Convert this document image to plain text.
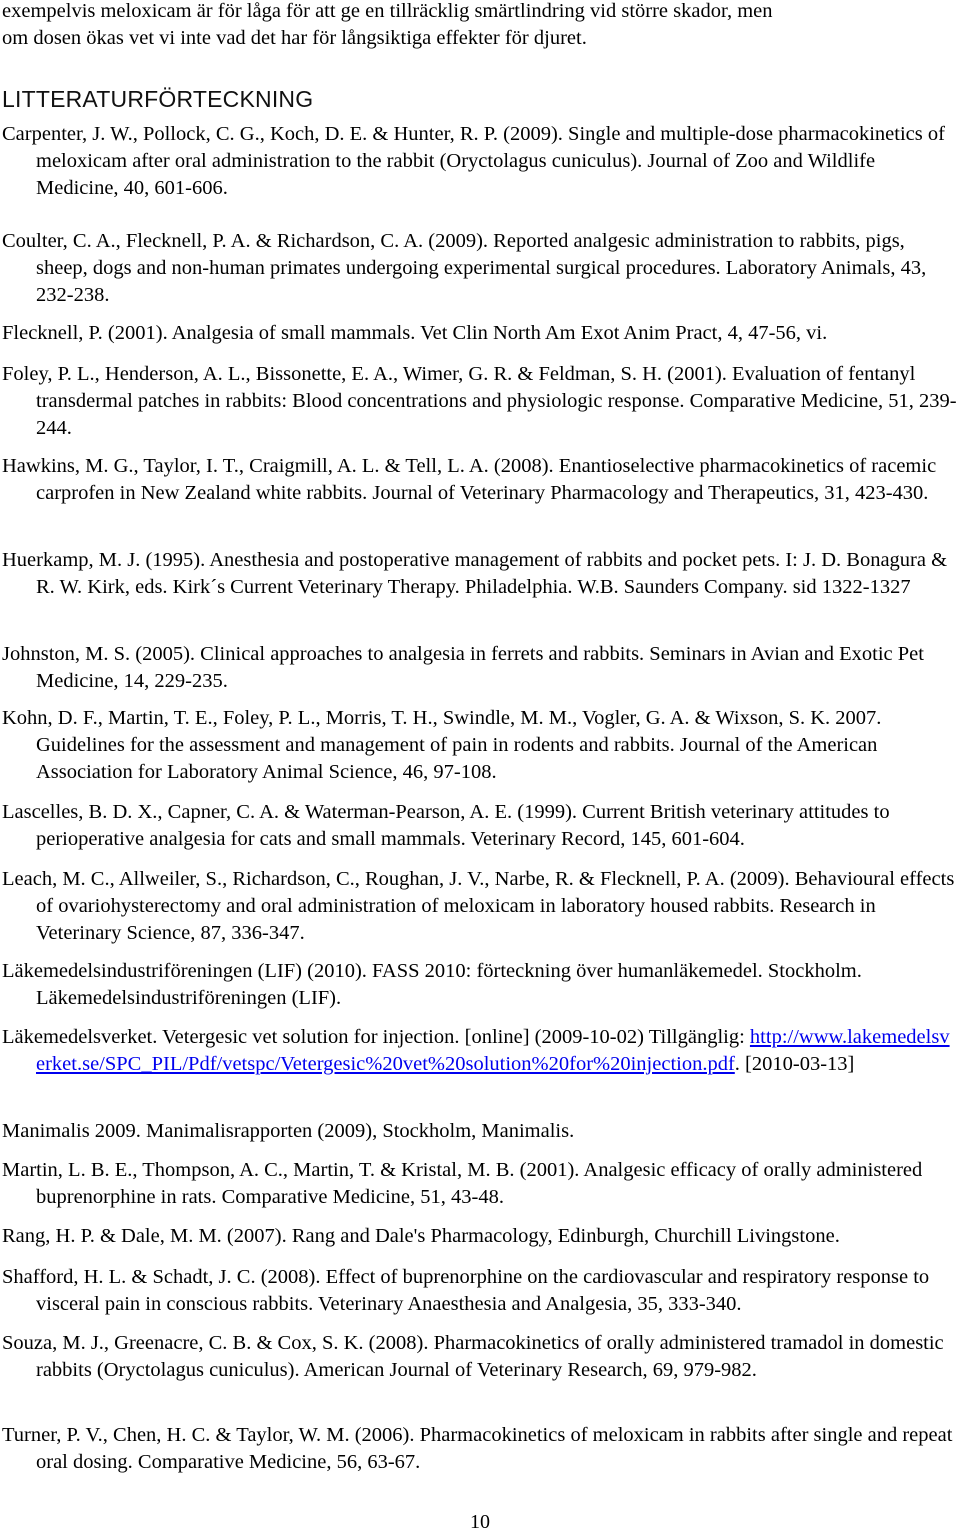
exempelvis meloxicam är för låga för att ge en tillräcklig smärtlindring vid större skador, men

om dosen ökas vet vi inte vad det har för långsiktiga effekter för djuret.

LITTERATURFÖRTECKNING

Carpenter, J. W., Pollock, C. G., Koch, D. E. & Hunter, R. P. (2009). Single and multiple-dose pharmacokinetics of meloxicam after oral administration to the rabbit (Oryctolagus cuniculus). Journal of Zoo and Wildlife Medicine, 40, 601-606.

Coulter, C. A., Flecknell, P. A. & Richardson, C. A. (2009). Reported analgesic administration to rabbits, pigs, sheep, dogs and non-human primates undergoing experimental surgical procedures. Laboratory Animals, 43, 232-238.

Flecknell, P. (2001). Analgesia of small mammals. Vet Clin North Am Exot Anim Pract, 4, 47-56, vi.

Foley, P. L., Henderson, A. L., Bissonette, E. A., Wimer, G. R. & Feldman, S. H. (2001). Evaluation of fentanyl transdermal patches in rabbits: Blood concentrations and physiologic response. Comparative Medicine, 51, 239-244.

Hawkins, M. G., Taylor, I. T., Craigmill, A. L. & Tell, L. A. (2008). Enantioselective pharmacokinetics of racemic carprofen in New Zealand white rabbits. Journal of Veterinary Pharmacology and Therapeutics, 31, 423-430.

Huerkamp, M. J. (1995). Anesthesia and postoperative management of rabbits and pocket pets. I: J. D. Bonagura & R. W. Kirk, eds. Kirk´s Current Veterinary Therapy. Philadelphia. W.B. Saunders Company. sid 1322-1327

Johnston, M. S. (2005). Clinical approaches to analgesia in ferrets and rabbits. Seminars in Avian and Exotic Pet Medicine, 14, 229-235.

Kohn, D. F., Martin, T. E., Foley, P. L., Morris, T. H., Swindle, M. M., Vogler, G. A. & Wixson, S. K. 2007. Guidelines for the assessment and management of pain in rodents and rabbits. Journal of the American Association for Laboratory Animal Science, 46, 97-108.

Lascelles, B. D. X., Capner, C. A. & Waterman-Pearson, A. E. (1999). Current British veterinary attitudes to perioperative analgesia for cats and small mammals. Veterinary Record, 145, 601-604.

Leach, M. C., Allweiler, S., Richardson, C., Roughan, J. V., Narbe, R. & Flecknell, P. A. (2009). Behavioural effects of ovariohysterectomy and oral administration of meloxicam in laboratory housed rabbits. Research in Veterinary Science, 87, 336-347.

Läkemedelsindustriföreningen (LIF) (2010). FASS 2010: förteckning över humanläkemedel. Stockholm. Läkemedelsindustriföreningen (LIF).

Läkemedelsverket. Vetergesic vet solution for injection. [online] (2009-10-02) Tillgänglig: http://www.lakemedelsverket.se/SPC_PIL/Pdf/vetspc/Vetergesic%20vet%20solution%20for%20injection.pdf. [2010-03-13]

Manimalis 2009. Manimalisrapporten (2009), Stockholm, Manimalis.

Martin, L. B. E., Thompson, A. C., Martin, T. & Kristal, M. B. (2001). Analgesic efficacy of orally administered buprenorphine in rats. Comparative Medicine, 51, 43-48.

Rang, H. P. & Dale, M. M. (2007). Rang and Dale's Pharmacology, Edinburgh, Churchill Livingstone.

Shafford, H. L. & Schadt, J. C. (2008). Effect of buprenorphine on the cardiovascular and respiratory response to visceral pain in conscious rabbits. Veterinary Anaesthesia and Analgesia, 35, 333-340.

Souza, M. J., Greenacre, C. B. & Cox, S. K. (2008). Pharmacokinetics of orally administered tramadol in domestic rabbits (Oryctolagus cuniculus). American Journal of Veterinary Research, 69, 979-982.

Turner, P. V., Chen, H. C. & Taylor, W. M. (2006). Pharmacokinetics of meloxicam in rabbits after single and repeat oral dosing. Comparative Medicine, 56, 63-67.

10
